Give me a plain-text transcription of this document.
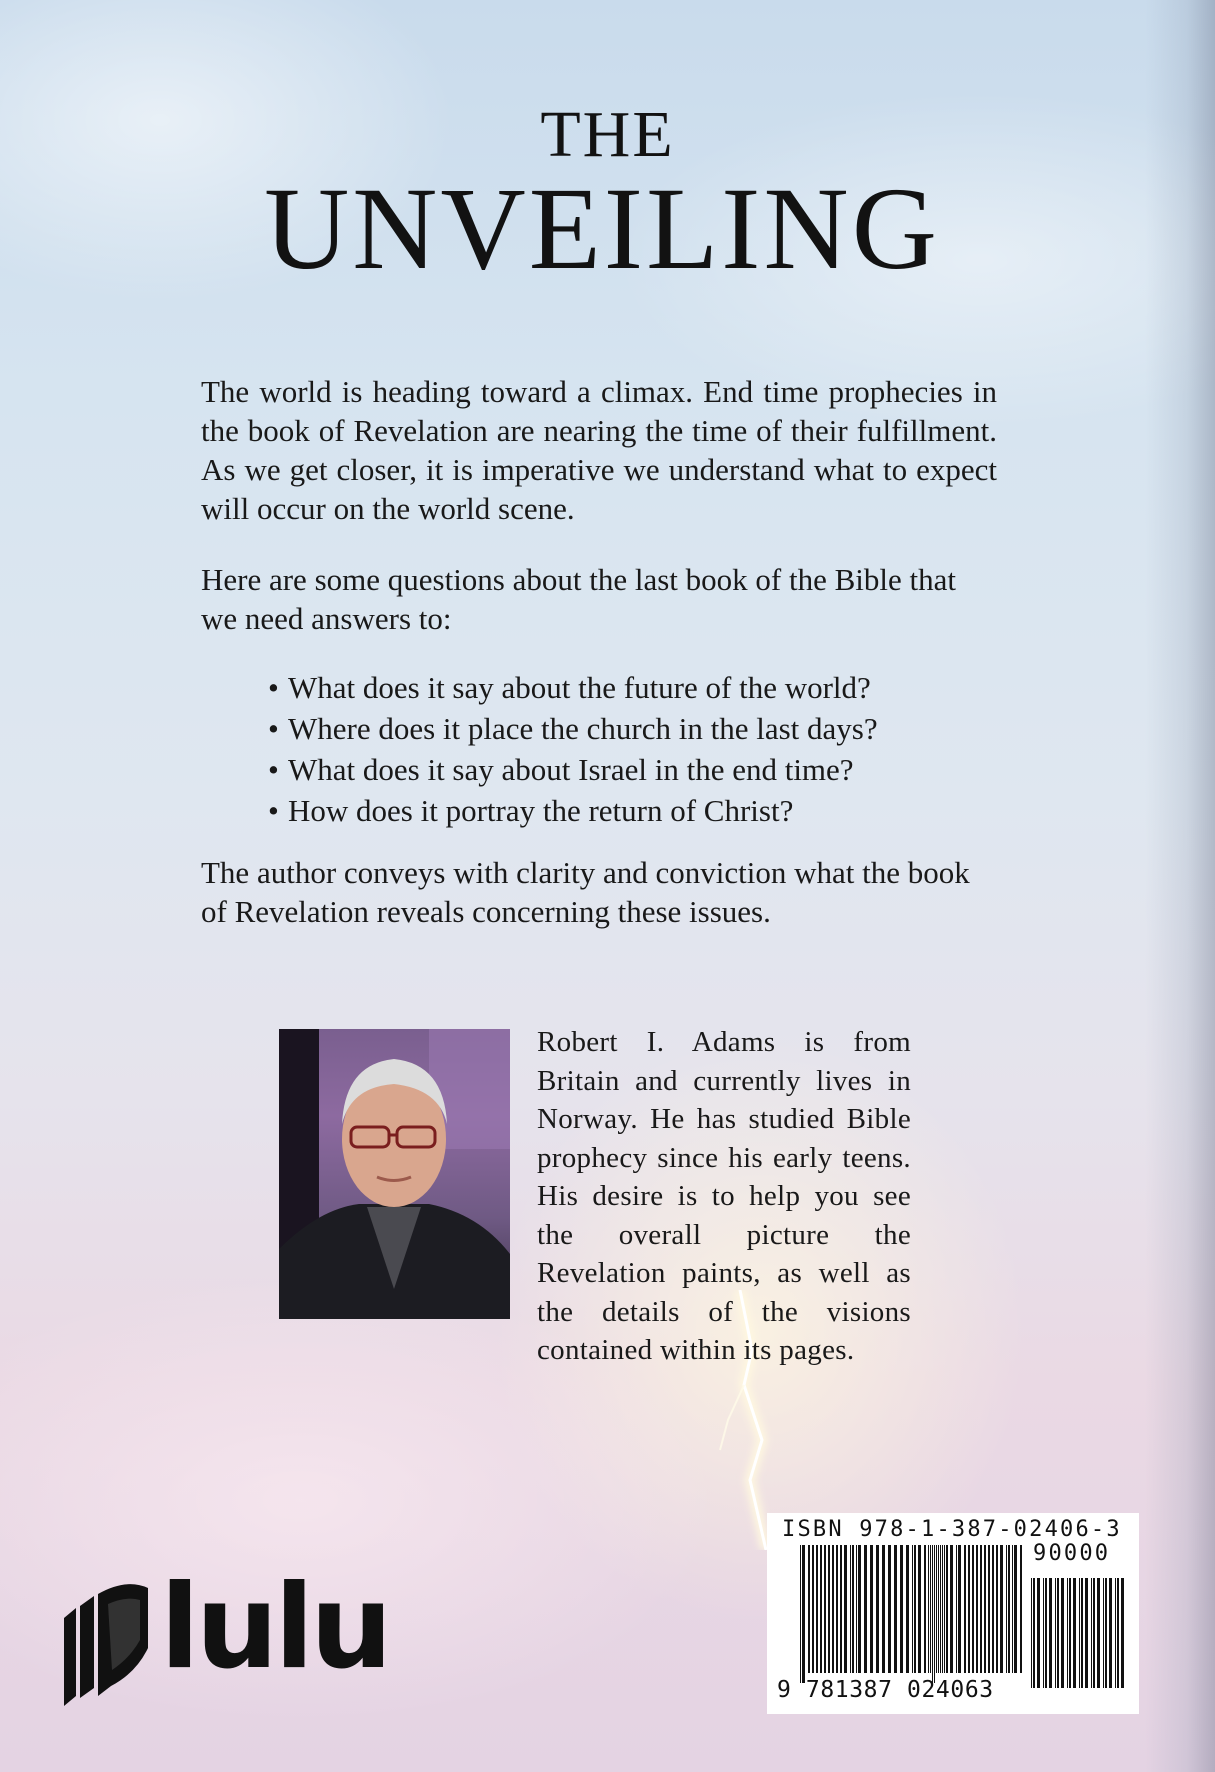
THE
UNVEILING

The world is heading toward a climax. End time prophecies in the book of Revelation are nearing the time of their fulfillment. As we get closer, it is imperative we understand what to expect will occur on the world scene.

Here are some questions about the last book of the Bible that we need answers to:

• What does it say about the future of the world?
• Where does it place the church in the last days?
• What does it say about Israel in the end time?
• How does it portray the return of Christ?

The author conveys with clarity and conviction what the book of Revelation reveals concerning these issues.

Robert I. Adams is from Britain and currently lives in Norway. He has studied Bible prophecy since his early teens. His desire is to help you see the overall picture the Revelation paints, as well as the details of the visions contained within its pages.

lulu
ISBN 978-1-387-02406-3
90000
9 781387 024063
